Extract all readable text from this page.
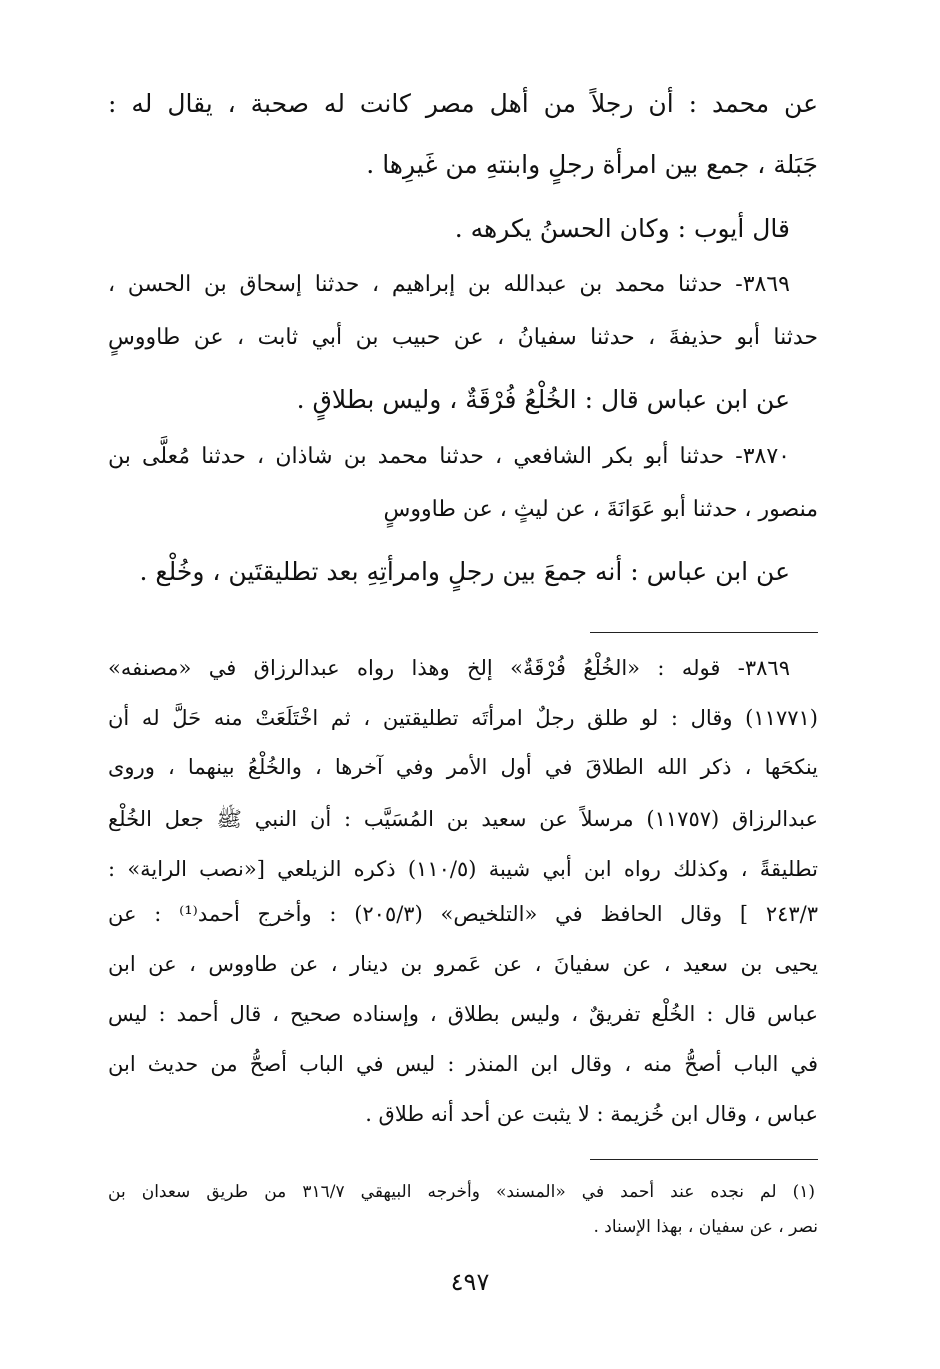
عن محمد : أن رجلاً من أهل مصر كانت له صحبة ، يقال له :
جَبَلة ، جمع بين امرأة رجلٍ وابنتهِ من غَيرِها .
قال أيوب : وكان الحسنُ يكرهه .
٣٨٦٩- حدثنا محمد بن عبدالله بن إبراهيم ، حدثنا إسحاق بن الحسن ،
حدثنا أبو حذيفةَ ، حدثنا سفيانُ ، عن حبيب بن أبي ثابت ، عن طاووسٍ
عن ابن عباس قال : الخُلْعُ فُرْقَةٌ ، وليس بطلاقٍ .
٣٨٧٠- حدثنا أبو بكر الشافعي ، حدثنا محمد بن شاذان ، حدثنا مُعلَّى بن
منصور ، حدثنا أبو عَوَانَةَ ، عن ليثٍ ، عن طاووسٍ
عن ابن عباس : أنه جمعَ بين رجلٍ وامرأتِهِ بعد تطليقتَين ، وخُلْع .
٣٨٦٩- قوله : «الخُلْعُ فُرْقَةٌ» إلخ وهذا رواه عبدالرزاق في «مصنفه»
(١١٧٧١) وقال : لو طلق رجلٌ امرأتَه تطليقتين ، ثم اخْتَلَعَتْ منه حَلَّ له أن
ينكحَها ، ذكر الله الطلاقَ في أول الأمر وفي آخرها ، والخُلْعُ بينهما ، وروى
عبدالرزاق (١١٧٥٧) مرسلاً عن سعيد بن المُسَيَّب : أن النبي ﷺ جعل الخُلْع
تطليقةً ، وكذلك رواه ابن أبي شيبة (١١٠/٥) ذكره الزيلعي [«نصب الراية» :
٢٤٣/٣ ] وقال الحافظ في «التلخيص» (٢٠٥/٣) : وأخرج أحمد⁽¹⁾ : عن
يحيى بن سعيد ، عن سفيانَ ، عن عَمرو بن دينار ، عن طاووس ، عن ابن
عباس قال : الخُلْع تفريقٌ ، وليس بطلاق ، وإسناده صحيح ، قال أحمد : ليس
في الباب أصحُّ منه ، وقال ابن المنذر : ليس في الباب أصحُّ من حديث ابن
عباس ، وقال ابن خُزيمة : لا يثبت عن أحد أنه طلاق .
(١) لم نجده عند أحمد في «المسند» وأخرجه البيهقي ٣١٦/٧ من طريق سعدان بن
نصر ، عن سفيان ، بهذا الإسناد .
٤٩٧
